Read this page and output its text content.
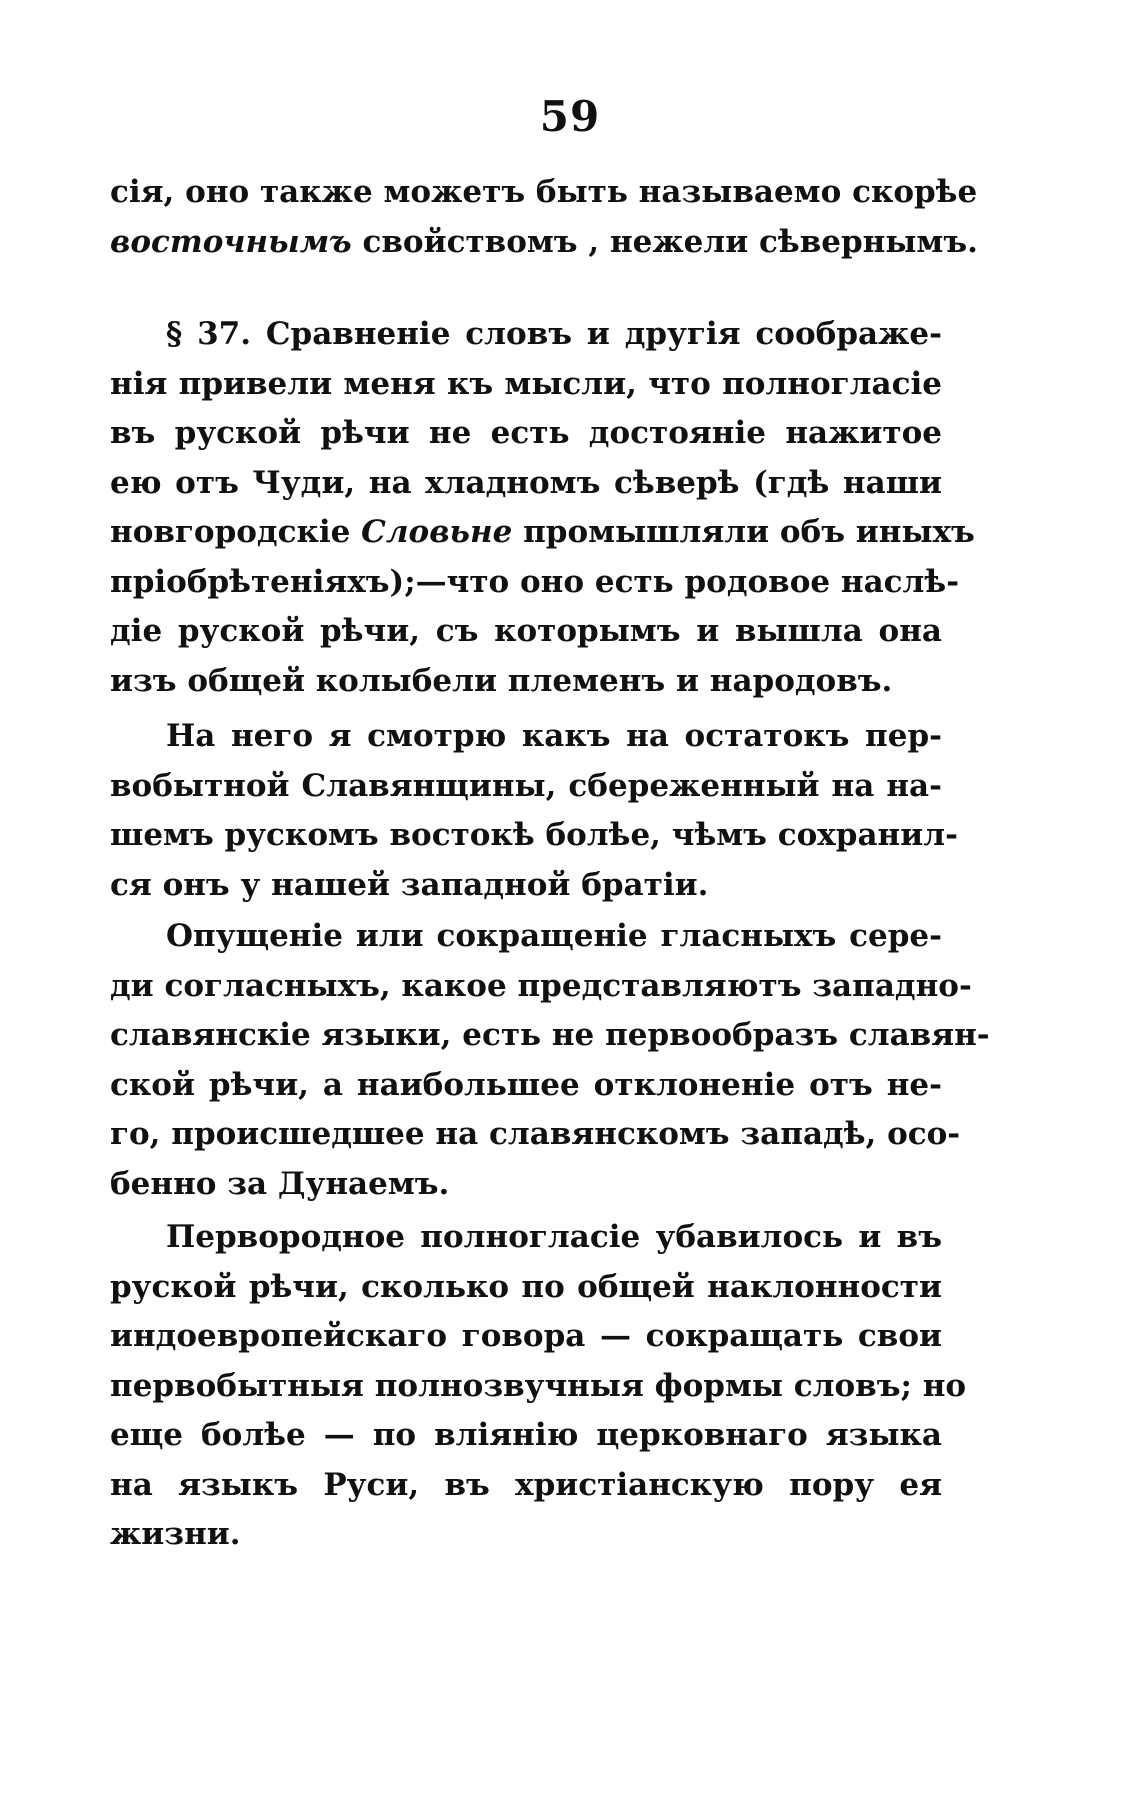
59
сія, оно также можетъ быть называемо скорѣе
восточнымъ свойствомъ , нежели сѣвернымъ.
§ 37. Сравненіе словъ и другія соображе-
нія привели меня къ мысли, что полногласіе
въ руской рѣчи не есть достояніе нажитое
ею отъ Чуди, на хладномъ сѣверѣ (гдѣ наши
новгородскіе Словьне промышляли объ иныхъ
пріобрѣтеніяхъ);—что оно есть родовое наслѣ-
діе руской рѣчи, съ которымъ и вышла она
изъ общей колыбели племенъ и народовъ.
На него я смотрю какъ на остатокъ пер-
вобытной Славянщины, сбереженный на на-
шемъ рускомъ востокѣ болѣе, чѣмъ сохранил-
ся онъ у нашей западной братіи.
Опущеніе или сокращеніе гласныхъ сере-
ди согласныхъ, какое представляютъ западно-
славянскіе языки, есть не первообразъ славян-
ской рѣчи, а наибольшее отклоненіе отъ не-
го, происшедшее на славянскомъ западѣ, осо-
бенно за Дунаемъ.
Первородное полногласіе убавилось и въ
руской рѣчи, сколько по общей наклонности
индоевропейскаго говора — сокращать свои
первобытныя полнозвучныя формы словъ; но
еще болѣе — по вліянію церковнаго языка
на языкъ Руси, въ христіанскую пору ея
жизни.
